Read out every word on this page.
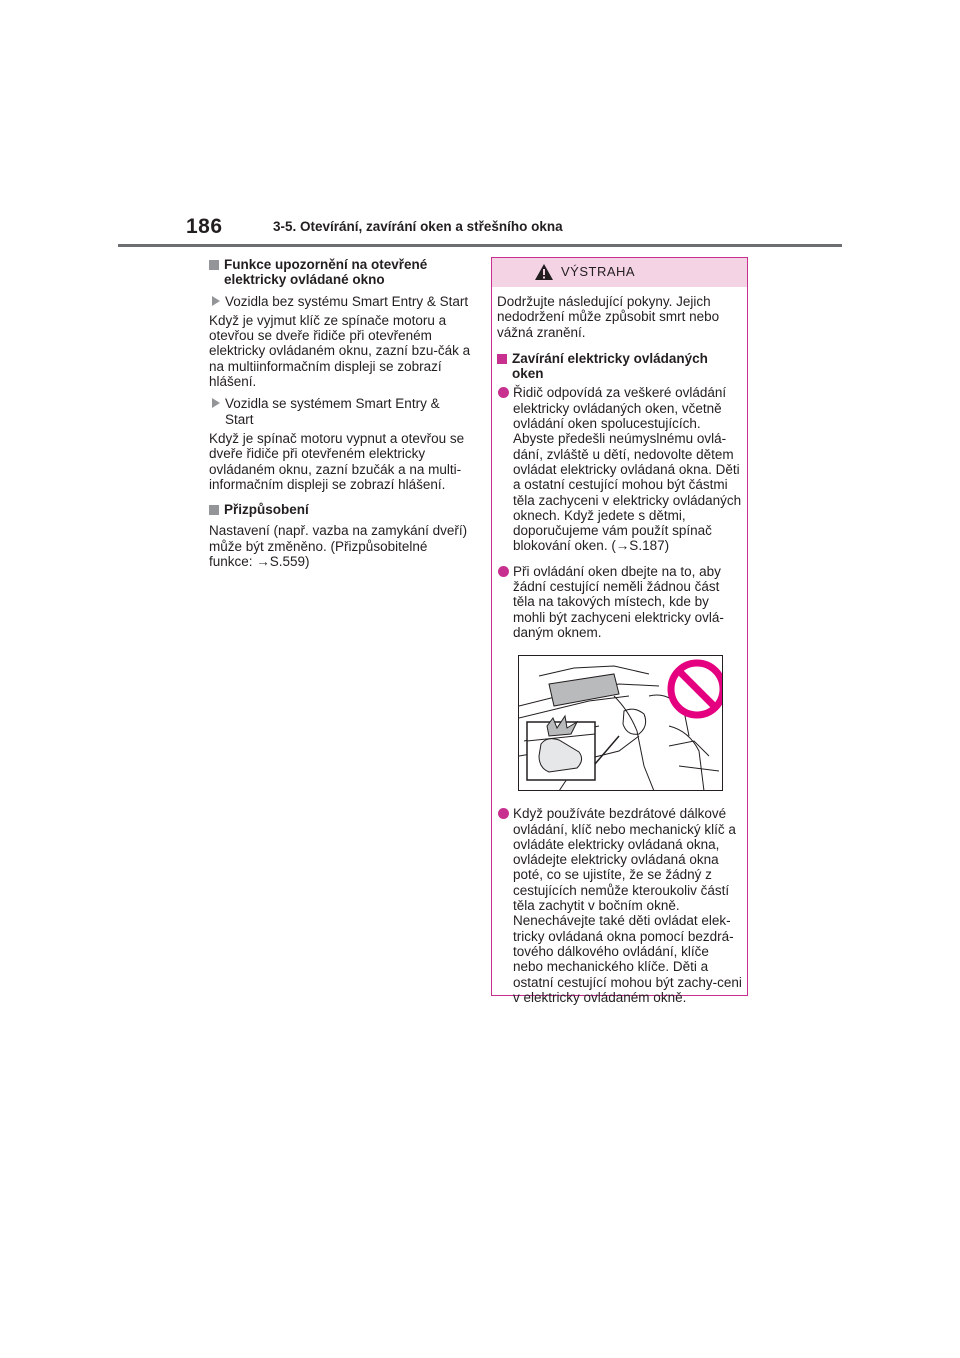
186	3-5. Otevírání, zavírání oken a střešního okna
Funkce upozornění na otevřené elektricky ovládané okno
Vozidla bez systému Smart Entry & Start
Když je vyjmut klíč ze spínače motoru a otevřou se dveře řidiče při otevřeném elektricky ovládaném oknu, zazní bzu-čák a na multiinformačním displeji se zobrazí hlášení.
Vozidla se systémem Smart Entry & Start
Když je spínač motoru vypnut a otevřou se dveře řidiče při otevřeném elektricky ovládaném oknu, zazní bzučák a na multi-informačním displeji se zobrazí hlášení.
Přizpůsobení
Nastavení (např. vazba na zamykání dveří) může být změněno. (Přizpůsobitelné funkce: →S.559)
VÝSTRAHA
Dodržujte následující pokyny. Jejich nedodržení může způsobit smrt nebo vážná zranění.
Zavírání elektricky ovládaných oken
Řidič odpovídá za veškeré ovládání elektricky ovládaných oken, včetně ovládání oken spolucestujících. Abyste předešli neúmyslnému ovlá-dání, zvláště u dětí, nedovolte dětem ovládat elektricky ovládaná okna. Děti a ostatní cestující mohou být částmi těla zachyceni v elektricky ovládaných oknech. Když jedete s dětmi, doporučujeme vám použít spínač blokování oken. (→S.187)
Při ovládání oken dbejte na to, aby žádní cestující neměli žádnou část těla na takových místech, kde by mohli být zachyceni elektricky ovlá-daným oknem.
Když používáte bezdrátové dálkové ovládání, klíč nebo mechanický klíč a ovládáte elektricky ovládaná okna, ovládejte elektricky ovládaná okna poté, co se ujistíte, že se žádný z cestujících nemůže kteroukoliv částí těla zachytit v bočním okně. Nenechávejte také děti ovládat elek-tricky ovládaná okna pomocí bezdrá-tového dálkového ovládání, klíče nebo mechanického klíče. Děti a ostatní cestující mohou být zachy-ceni v elektricky ovládaném okně.
